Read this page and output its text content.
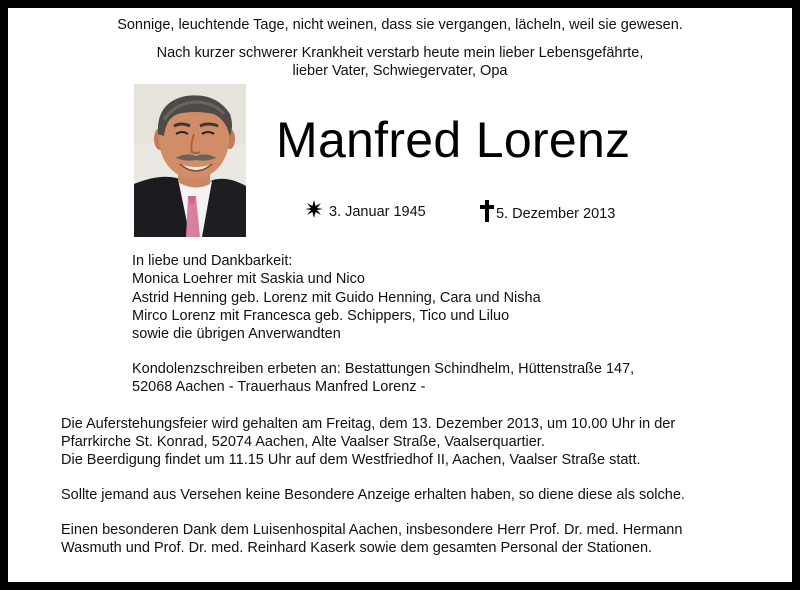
Sonnige, leuchtende Tage, nicht weinen, dass sie vergangen, lächeln, weil sie gewesen.
Nach kurzer schwerer Krankheit verstarb heute mein lieber Lebensgefährte,
lieber Vater, Schwiegervater, Opa
Manfred Lorenz
3. Januar 1945	5. Dezember 2013
In liebe und Dankbarkeit:
Monica Loehrer mit Saskia und Nico
Astrid Henning geb. Lorenz mit Guido Henning, Cara und Nisha
Mirco Lorenz mit Francesca geb. Schippers, Tico und Liluo
sowie die übrigen Anverwandten
Kondolenzschreiben erbeten an: Bestattungen Schindhelm, Hüttenstraße 147,
52068 Aachen - Trauerhaus Manfred Lorenz -
Die Auferstehungsfeier wird gehalten am Freitag, dem 13. Dezember 2013, um 10.00 Uhr in der
Pfarrkirche St. Konrad, 52074 Aachen, Alte Vaalser Straße, Vaalserquartier.
Die Beerdigung findet um 11.15 Uhr auf dem Westfriedhof II, Aachen, Vaalser Straße statt.
Sollte jemand aus Versehen keine Besondere Anzeige erhalten haben, so diene diese als solche.
Einen besonderen Dank dem Luisenhospital Aachen, insbesondere Herr Prof. Dr. med. Hermann
Wasmuth und Prof. Dr. med. Reinhard Kaserk sowie dem gesamten Personal der Stationen.
